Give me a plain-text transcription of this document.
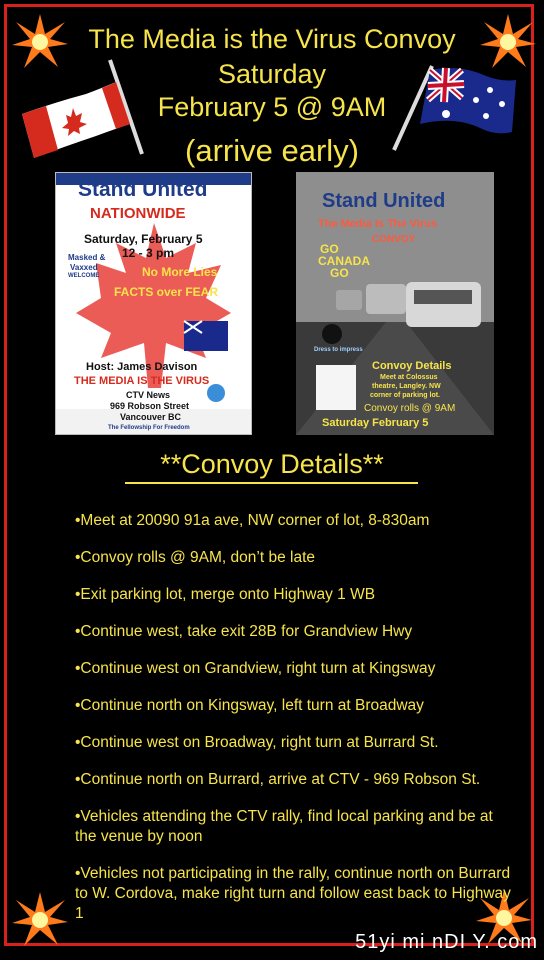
The Media is the Virus Convoy
Saturday
February 5 @ 9AM
(arrive early)
Stand United
NATIONWIDE
Saturday, February 5
12 - 3 pm
Masked &
Vaxxed
WELCOME	No More Lies
FACTS over FEAR
Host: James Davison
THE MEDIA IS THE VIRUS
CTV News
969 Robson Street
Vancouver BC
The Fellowship For Freedom
Stand United
The Media Is The Virus
CONVOY
GO
CANADA
GO
Dress to impress
Convoy Details
Meet at Colossus
theatre, Langley. NW
corner of parking lot.
Convoy rolls @ 9AM
Saturday February 5
**Convoy Details**
•Meet at 20090 91a ave, NW corner of lot, 8-830am
•Convoy rolls @ 9AM, don’t be late
•Exit parking lot, merge onto Highway 1 WB
•Continue west, take exit 28B for Grandview Hwy
•Continue west on Grandview, right turn at Kingsway
•Continue north on Kingsway, left turn at Broadway
•Continue west on Broadway, right turn at Burrard St.
•Continue north on Burrard, arrive at CTV - 969 Robson St.
•Vehicles attending the CTV rally, find local parking and be at the venue by noon
•Vehicles not participating in the rally, continue north on Burrard to W. Cordova, make right turn and follow east back to Highway 1
51yi mi nDI Y. com
